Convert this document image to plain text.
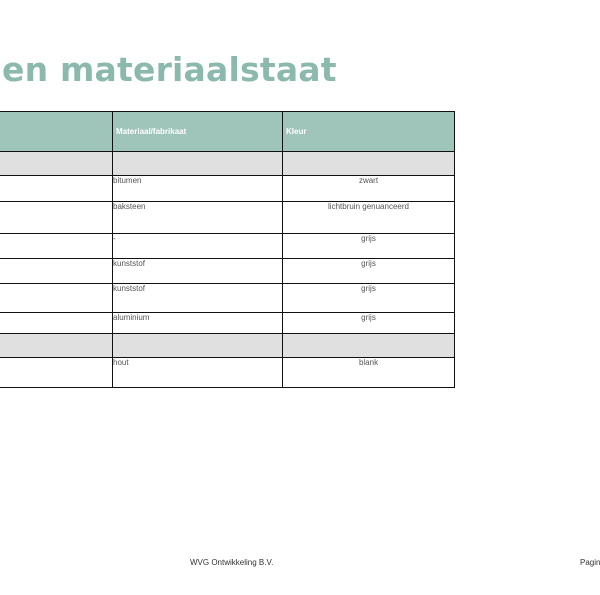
en materiaalstaat
	Materiaal/fabrikaat	Kleur

	bitumen	zwart
	baksteen	lichtbruin genuanceerd
	-	grijs
	kunststof	grijs
	kunststof	grijs
	aluminium	grijs

	hout	blank
WVG Ontwikkeling B.V.	Pagin
